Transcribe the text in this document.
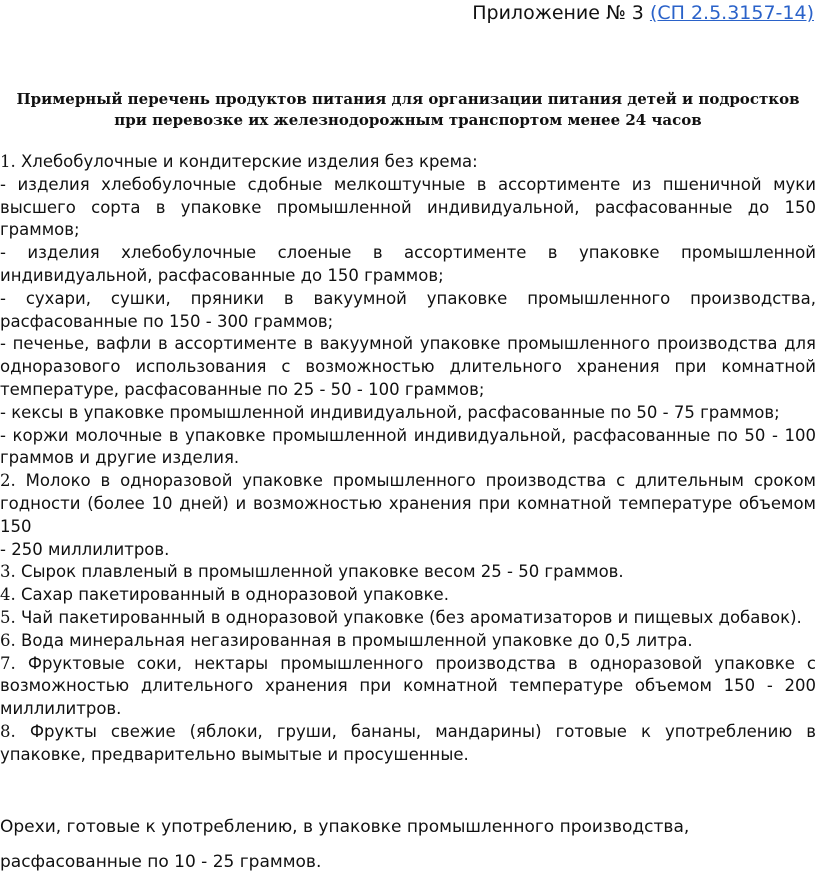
Приложение № 3 (СП 2.5.3157-14)
Примерный перечень продуктов питания для организации питания детей и подростков
при перевозке их железнодорожным транспортом менее 24 часов

1. Хлебобулочные и кондитерские изделия без крема:

- изделия хлебобулочные сдобные мелкоштучные в ассортименте из пшеничной муки высшего сорта в упаковке промышленной индивидуальной, расфасованные до 150 граммов;

- изделия хлебобулочные слоеные в ассортименте в упаковке промышленной индивидуальной, расфасованные до 150 граммов;

- сухари, сушки, пряники в вакуумной упаковке промышленного производства, расфасованные по 150 - 300 граммов;

- печенье, вафли в ассортименте в вакуумной упаковке промышленного производства для одноразового использования с возможностью длительного хранения при комнатной температуре, расфасованные по 25 - 50 - 100 граммов;

- кексы в упаковке промышленной индивидуальной, расфасованные по 50 - 75 граммов;

- коржи молочные в упаковке промышленной индивидуальной, расфасованные по 50 - 100 граммов и другие изделия.

2. Молоко в одноразовой упаковке промышленного производства с длительным сроком годности (более 10 дней) и возможностью хранения при комнатной температуре объемом 150

- 250 миллилитров.

3. Сырок плавленый в промышленной упаковке весом 25 - 50 граммов.

4. Сахар пакетированный в одноразовой упаковке.

5. Чай пакетированный в одноразовой упаковке (без ароматизаторов и пищевых добавок).

6. Вода минеральная негазированная в промышленной упаковке до 0,5 литра.

7. Фруктовые соки, нектары промышленного производства в одноразовой упаковке с возможностью длительного хранения при комнатной температуре объемом 150 - 200 миллилитров.

8. Фрукты свежие (яблоки, груши, бананы, мандарины) готовые к употреблению в упаковке, предварительно вымытые и просушенные.

Орехи, готовые к употреблению, в упаковке промышленного производства,
расфасованные по 10 - 25 граммов.
